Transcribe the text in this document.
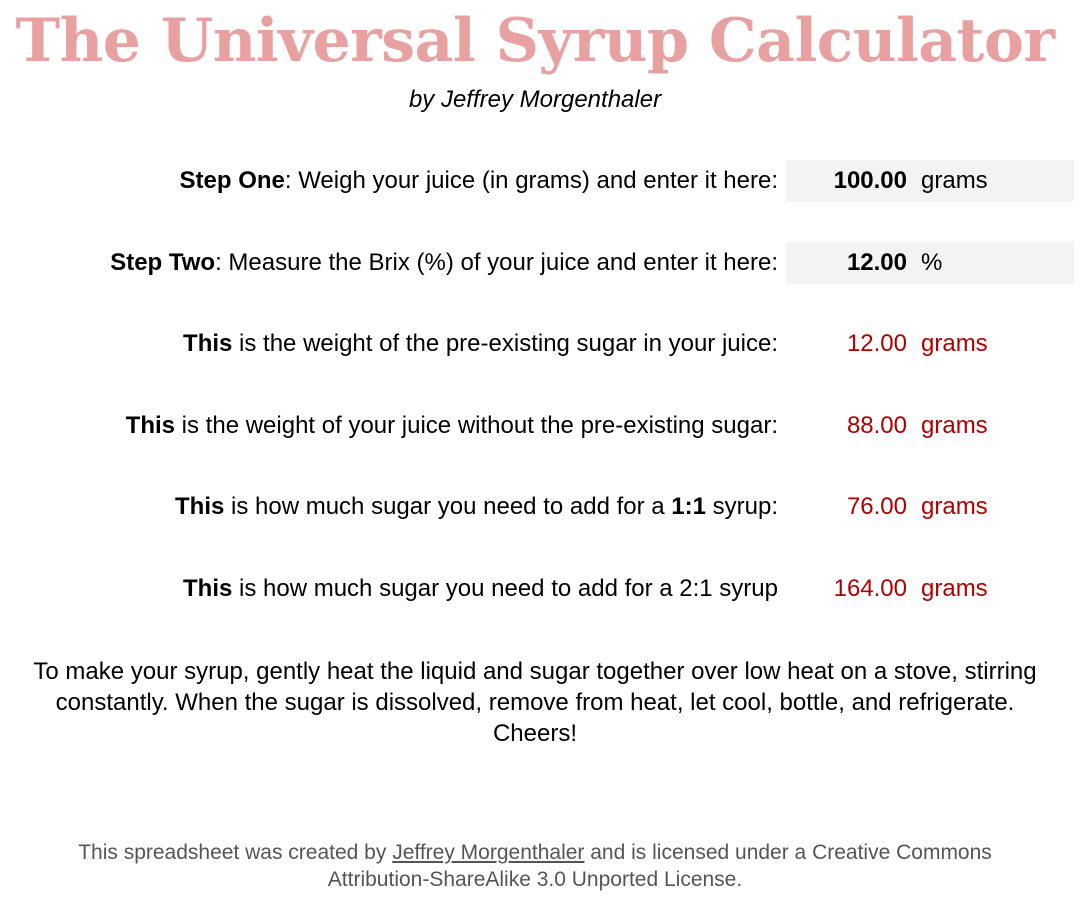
The Universal Syrup Calculator
by Jeffrey Morgenthaler
Step One: Weigh your juice (in grams) and enter it here: 100.00 grams
Step Two: Measure the Brix (%) of your juice and enter it here:	12.00 %
This is the weight of the pre-existing sugar in your juice:	12.00 grams
This is the weight of your juice without the pre-existing sugar:	88.00 grams
This is how much sugar you need to add for a 1:1 syrup:	76.00 grams
This is how much sugar you need to add for a 2:1 syrup 164.00 grams
To make your syrup, gently heat the liquid and sugar together over low heat on a stove, stirring constantly. When the sugar is dissolved, remove from heat, let cool, bottle, and refrigerate. Cheers!
This spreadsheet was created by Jeffrey Morgenthaler and is licensed under a Creative Commons
Attribution-ShareAlike 3.0 Unported License.
